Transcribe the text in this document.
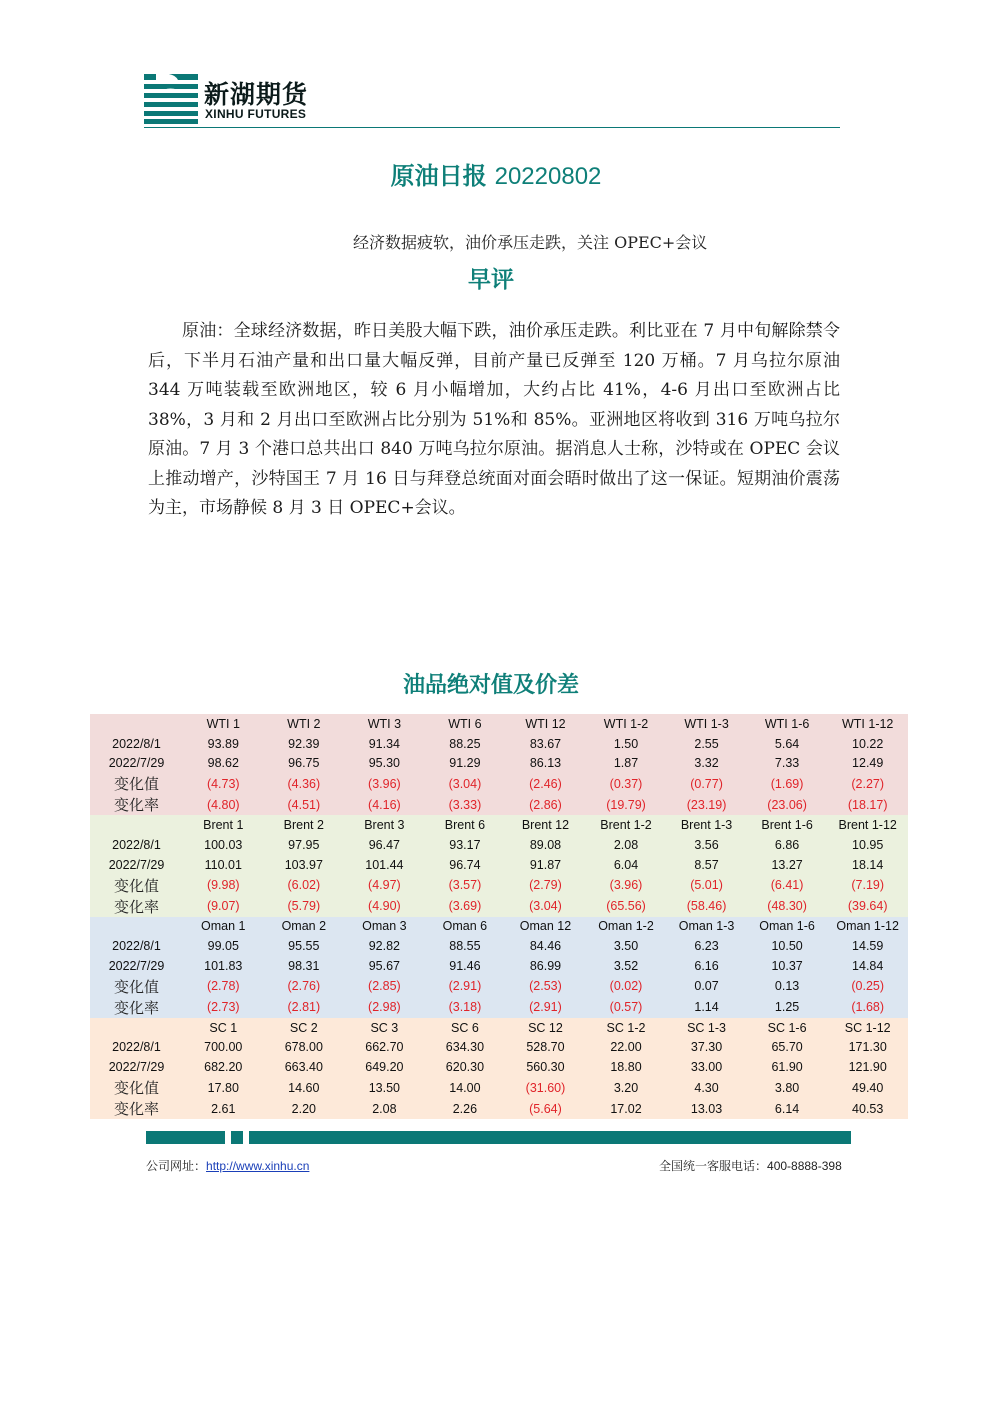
新湖期货
XINHU FUTURES
原油日报 20220802
经济数据疲软，油价承压走跌，关注 OPEC+会议
早评
原油：全球经济数据，昨日美股大幅下跌，油价承压走跌。利比亚在 7 月中旬解除禁令后，下半月石油产量和出口量大幅反弹，目前产量已反弹至 120 万桶。7 月乌拉尔原油 344 万吨装载至欧洲地区，较 6 月小幅增加，大约占比 41%，4-6 月出口至欧洲占比 38%，3 月和 2 月出口至欧洲占比分别为 51%和 85%。亚洲地区将收到 316 万吨乌拉尔原油。7 月 3 个港口总共出口 840 万吨乌拉尔原油。据消息人士称，沙特或在 OPEC 会议上推动增产，沙特国王 7 月 16 日与拜登总统面对面会晤时做出了这一保证。短期油价震荡为主，市场静候 8 月 3 日 OPEC+会议。
油品绝对值及价差
	WTI 1	WTI 2	WTI 3	WTI 6	WTI 12	WTI 1-2	WTI 1-3	WTI 1-6	WTI 1-12
2022/8/1	93.89	92.39	91.34	88.25	83.67	1.50	2.55	5.64	10.22
2022/7/29	98.62	96.75	95.30	91.29	86.13	1.87	3.32	7.33	12.49
变化值	(4.73)	(4.36)	(3.96)	(3.04)	(2.46)	(0.37)	(0.77)	(1.69)	(2.27)
变化率	(4.80)	(4.51)	(4.16)	(3.33)	(2.86)	(19.79)	(23.19)	(23.06)	(18.17)
	Brent 1	Brent 2	Brent 3	Brent 6	Brent 12	Brent 1-2	Brent 1-3	Brent 1-6	Brent 1-12
2022/8/1	100.03	97.95	96.47	93.17	89.08	2.08	3.56	6.86	10.95
2022/7/29	110.01	103.97	101.44	96.74	91.87	6.04	8.57	13.27	18.14
变化值	(9.98)	(6.02)	(4.97)	(3.57)	(2.79)	(3.96)	(5.01)	(6.41)	(7.19)
变化率	(9.07)	(5.79)	(4.90)	(3.69)	(3.04)	(65.56)	(58.46)	(48.30)	(39.64)
	Oman 1	Oman 2	Oman 3	Oman 6	Oman 12	Oman 1-2	Oman 1-3	Oman 1-6	Oman 1-12
2022/8/1	99.05	95.55	92.82	88.55	84.46	3.50	6.23	10.50	14.59
2022/7/29	101.83	98.31	95.67	91.46	86.99	3.52	6.16	10.37	14.84
变化值	(2.78)	(2.76)	(2.85)	(2.91)	(2.53)	(0.02)	0.07	0.13	(0.25)
变化率	(2.73)	(2.81)	(2.98)	(3.18)	(2.91)	(0.57)	1.14	1.25	(1.68)
	SC 1	SC 2	SC 3	SC 6	SC 12	SC 1-2	SC 1-3	SC 1-6	SC 1-12
2022/8/1	700.00	678.00	662.70	634.30	528.70	22.00	37.30	65.70	171.30
2022/7/29	682.20	663.40	649.20	620.30	560.30	18.80	33.00	61.90	121.90
变化值	17.80	14.60	13.50	14.00	(31.60)	3.20	4.30	3.80	49.40
变化率	2.61	2.20	2.08	2.26	(5.64)	17.02	13.03	6.14	40.53
公司网址：http://www.xinhu.cn	全国统一客服电话：400-8888-398
